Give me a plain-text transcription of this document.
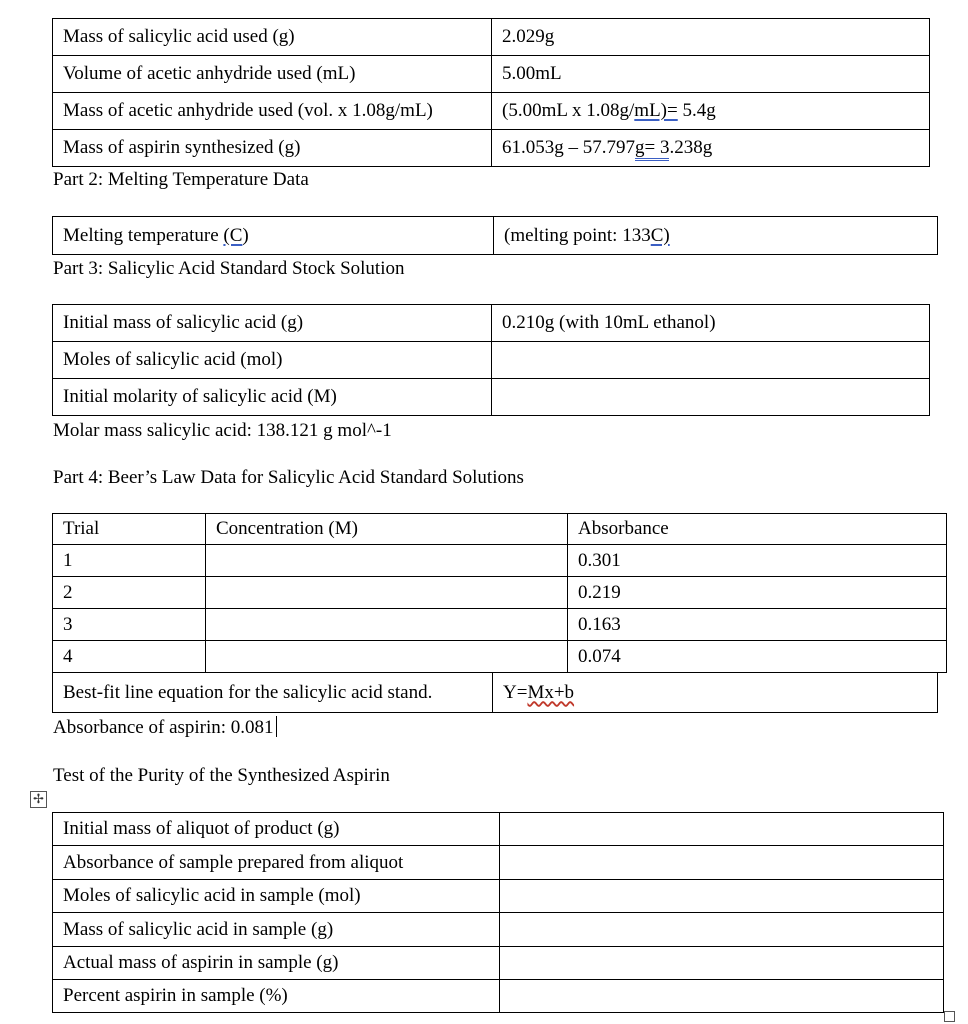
Mass of salicylic acid used (g)	2.029g
Volume of acetic anhydride used (mL)	5.00mL
Mass of acetic anhydride used (vol. x 1.08g/mL)	(5.00mL x 1.08g/mL)= 5.4g
Mass of aspirin synthesized (g)	61.053g – 57.797g= 3.238g
Part 2: Melting Temperature Data
Melting temperature (C)	(melting point: 133C)
Part 3: Salicylic Acid Standard Stock Solution
Initial mass of salicylic acid (g)	0.210g (with 10mL ethanol)
Moles of salicylic acid (mol)	
Initial molarity of salicylic acid (M)	
Molar mass salicylic acid: 138.121 g mol^-1
Part 4: Beer’s Law Data for Salicylic Acid Standard Solutions
Trial	Concentration (M)	Absorbance
1		0.301
2		0.219
3		0.163
4		0.074
Best-fit line equation for the salicylic acid stand.	Y=Mx+b
Absorbance of aspirin: 0.081
Test of the Purity of the Synthesized Aspirin
✢
Initial mass of aliquot of product (g)	
Absorbance of sample prepared from aliquot	
Moles of salicylic acid in sample (mol)	
Mass of salicylic acid in sample (g)	
Actual mass of aspirin in sample (g)	
Percent aspirin in sample (%)	
